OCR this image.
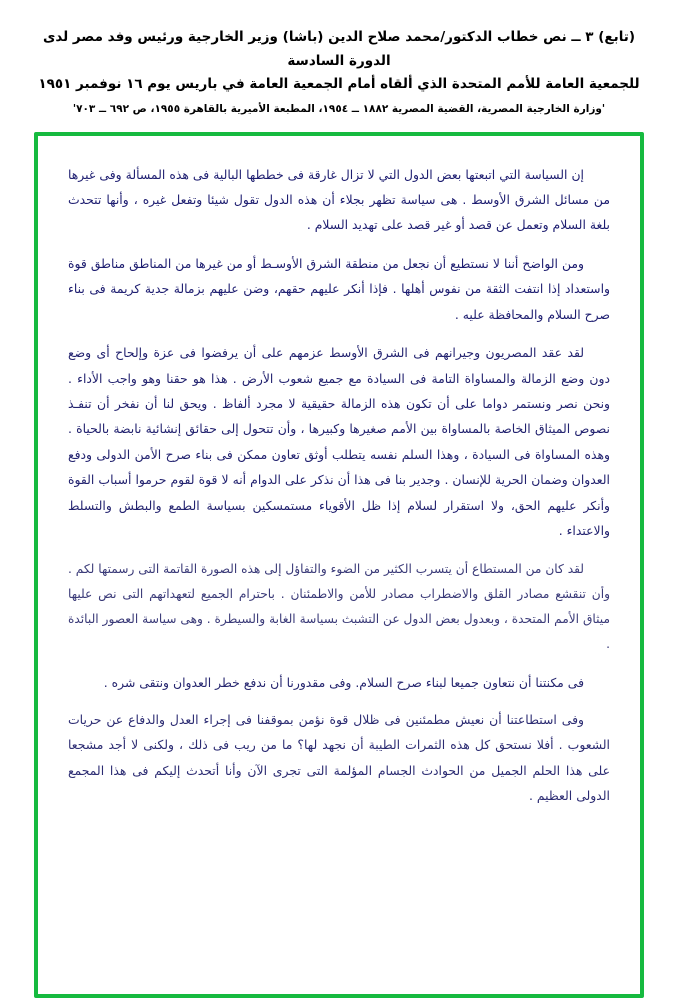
(تابع) ٣ ــ نص خطاب الدكتور/محمد صلاح الدين (باشا) وزير الخارجية ورئيس وفد مصر لدى الدورة السادسة
للجمعية العامة للأمم المتحدة الذي ألقاه أمام الجمعية العامة في باريس يوم ١٦ نوفمبر ١٩٥١
'وزارة الخارجية المصرية، القضية المصرية ١٨٨٢ ــ ١٩٥٤، المطبعة الأميرية بالقاهرة ١٩٥٥، ص ٦٩٢ ــ ٧٠٣'

إن السياسة التي اتبعتها بعض الدول التي لا تزال غارقة فى خططها البالية فى هذه المسألة وفى غيرها من مسائل الشرق الأوسط . هى سياسة تظهر بجلاء أن هذه الدول تقول شيئا وتفعل غيره ، وأنها تتحدث بلغة السلام وتعمل عن قصد أو غير قصد على تهديد السلام .

ومن الواضح أننا لا نستطيع أن نجعل من منطقة الشرق الأوسـط أو من غيرها من المناطق مناطق قوة واستعداد إذا انتفت الثقة من نفوس أهلها . فإذا أنكر عليهم حقهم، وضن عليهم بزمالة جدية كريمة فى بناء صرح السلام والمحافظة عليه .

لقد عقد المصريون وجيرانهم فى الشرق الأوسط عزمهم على أن يرفضوا فى عزة وإلحاح أى وضع دون وضع الزمالة والمساواة التامة فى السيادة مع جميع شعوب الأرض . هذا هو حقنا وهو واجب الأداء . ونحن نصر ونستمر دواما على أن تكون هذه الزمالة حقيقية لا مجرد ألفاظ . ويحق لنا أن نفخر أن تنفـذ نصوص الميثاق الخاصة بالمساواة بين الأمم صغيرها وكبيرها ، وأن تتحول إلى حقائق إنشائية نابضة بالحياة . وهذه المساواة فى السيادة ، وهذا السلم نفسه يتطلب أوثق تعاون ممكن فى بناء صرح الأمن الدولى ودفع العدوان وضمان الحرية للإنسان . وجدير بنا فى هذا أن نذكر على الدوام أنه لا قوة لقوم حرموا أسباب القوة وأنكر عليهم الحق، ولا استقرار لسلام إذا ظل الأقوياء مستمسكين بسياسة الطمع والبطش والتسلط والاعتداء .

لقد كان من المستطاع أن يتسرب الكثير من الضوء والتفاؤل إلى هذه الصورة القاتمة التى رسمتها لكم . وأن تنقشع مصادر القلق والاضطراب مصادر للأمن والاطمئنان . باحترام الجميع لتعهداتهم التى نص عليها ميثاق الأمم المتحدة ، وبعدول بعض الدول عن التشبث بسياسة الغابة والسيطرة . وهى سياسة العصور البائدة .

فى مكنتنا أن نتعاون جميعا لبناء صرح السلام. وفى مقدورنا أن ندفع خطر العدوان ونتقى شره .

وفى استطاعتنا أن نعيش مطمئنين فى ظلال قوة نؤمن بموقفنا فى إجراء العدل والدفاع عن حريات الشعوب . أفلا نستحق كل هذه الثمرات الطيبة أن نجهد لها؟ ما من ريب فى ذلك ، ولكنى لا أجد مشجعا على هذا الحلم الجميل من الحوادث الجسام المؤلمة التى تجرى الآن وأنا أتحدث إليكم فى هذا المجمع الدولى العظيم .
